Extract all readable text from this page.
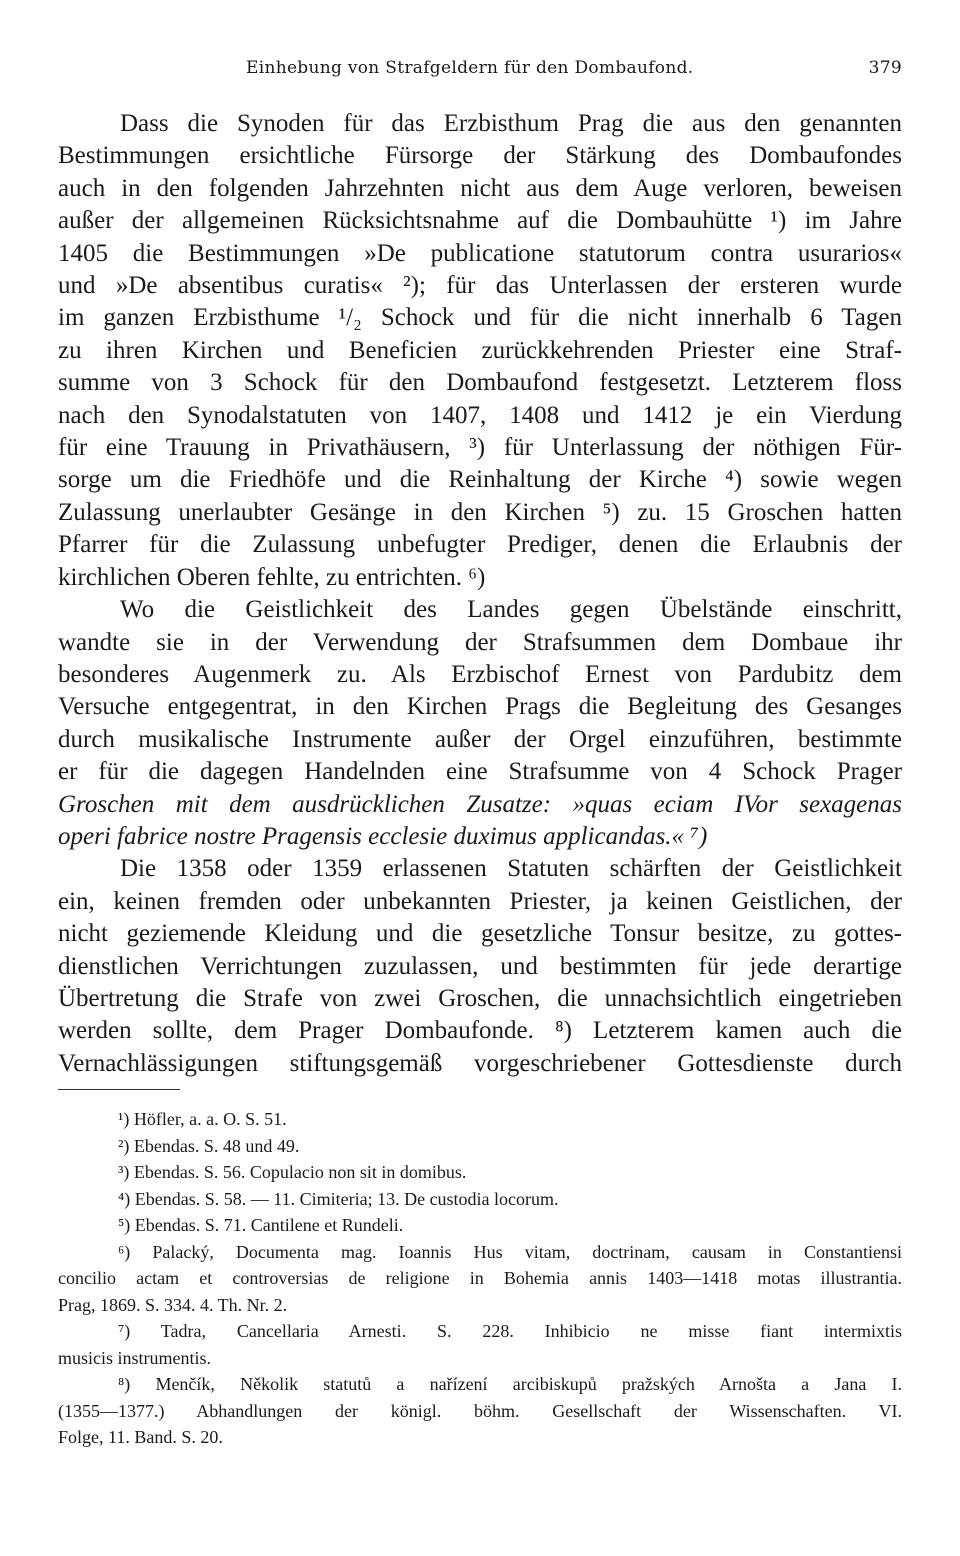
Einhebung von Strafgeldern für den Dombaufond.	379
Dass die Synoden für das Erzbisthum Prag die aus den genannten
Bestimmungen ersichtliche Fürsorge der Stärkung des Dombaufondes
auch in den folgenden Jahrzehnten nicht aus dem Auge verloren, beweisen
außer der allgemeinen Rücksichtsnahme auf die Dombauhütte ¹) im Jahre
1405 die Bestimmungen »De publicatione statutorum contra usurarios«
und »De absentibus curatis« ²); für das Unterlassen der ersteren wurde
im ganzen Erzbisthume ¹/₂ Schock und für die nicht innerhalb 6 Tagen
zu ihren Kirchen und Beneficien zurückkehrenden Priester eine Straf-
summe von 3 Schock für den Dombaufond festgesetzt. Letzterem floss
nach den Synodalstatuten von 1407, 1408 und 1412 je ein Vierdung
für eine Trauung in Privathäusern, ³) für Unterlassung der nöthigen Für-
sorge um die Friedhöfe und die Reinhaltung der Kirche ⁴) sowie wegen
Zulassung unerlaubter Gesänge in den Kirchen ⁵) zu. 15 Groschen hatten
Pfarrer für die Zulassung unbefugter Prediger, denen die Erlaubnis der
kirchlichen Oberen fehlte, zu entrichten. ⁶)
Wo die Geistlichkeit des Landes gegen Übelstände einschritt,
wandte sie in der Verwendung der Strafsummen dem Dombaue ihr
besonderes Augenmerk zu. Als Erzbischof Ernest von Pardubitz dem
Versuche entgegentrat, in den Kirchen Prags die Begleitung des Gesanges
durch musikalische Instrumente außer der Orgel einzuführen, bestimmte
er für die dagegen Handelnden eine Strafsumme von 4 Schock Prager
Groschen mit dem ausdrücklichen Zusatze: »quas eciam IVor sexagenas
operi fabrice nostre Pragensis ecclesie duximus applicandas.« ⁷)
Die 1358 oder 1359 erlassenen Statuten schärften der Geistlichkeit
ein, keinen fremden oder unbekannten Priester, ja keinen Geistlichen, der
nicht geziemende Kleidung und die gesetzliche Tonsur besitze, zu gottes-
dienstlichen Verrichtungen zuzulassen, und bestimmten für jede derartige
Übertretung die Strafe von zwei Groschen, die unnachsichtlich eingetrieben
werden sollte, dem Prager Dombaufonde. ⁸) Letzterem kamen auch die
Vernachlässigungen stiftungsgemäß vorgeschriebener Gottesdienste durch
¹) Höfler, a. a. O. S. 51.
²) Ebendas. S. 48 und 49.
³) Ebendas. S. 56. Copulacio non sit in domibus.
⁴) Ebendas. S. 58. — 11. Cimiteria; 13. De custodia locorum.
⁵) Ebendas. S. 71. Cantilene et Rundeli.
⁶) Palacký, Documenta mag. Ioannis Hus vitam, doctrinam, causam in Constantiensi
concilio actam et controversias de religione in Bohemia annis 1403—1418 motas illustrantia.
Prag, 1869. S. 334. 4. Th. Nr. 2.
⁷) Tadra, Cancellaria Arnesti. S. 228. Inhibicio ne misse fiant intermixtis
musicis instrumentis.
⁸) Menčík, Několik statutů a nařízení arcibiskupů pražských Arnošta a Jana I.
(1355—1377.) Abhandlungen der königl. böhm. Gesellschaft der Wissenschaften. VI.
Folge, 11. Band. S. 20.
